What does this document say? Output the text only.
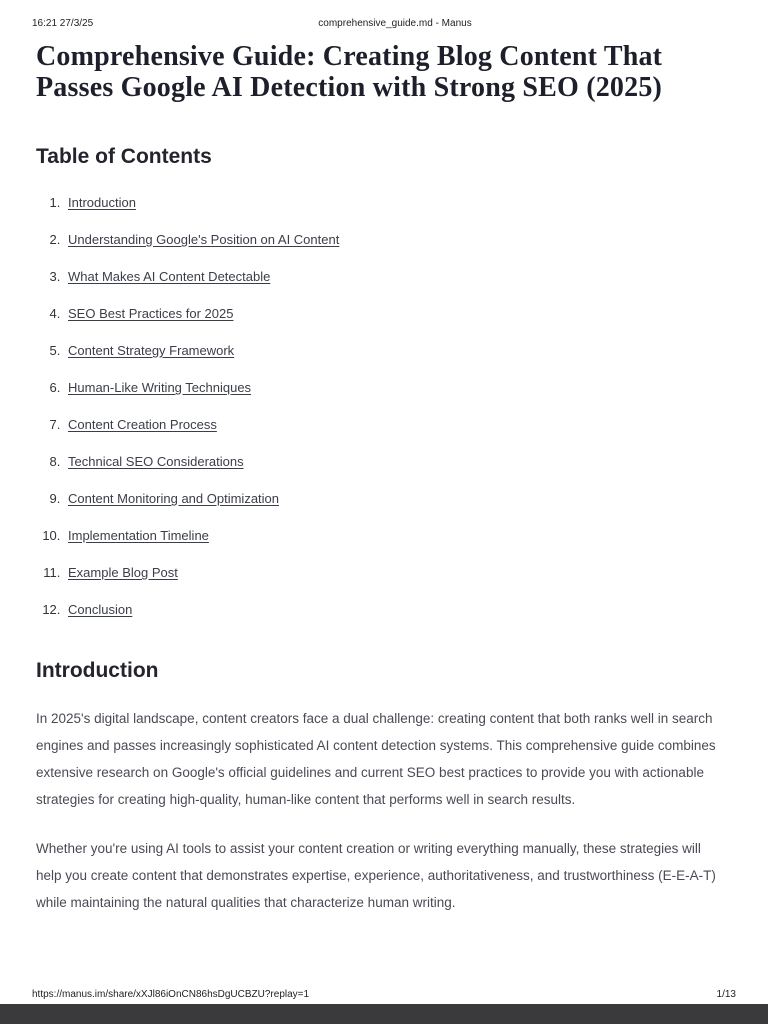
16:21 27/3/25	comprehensive_guide.md - Manus
Comprehensive Guide: Creating Blog Content That Passes Google AI Detection with Strong SEO (2025)
Table of Contents
1. Introduction
2. Understanding Google's Position on AI Content
3. What Makes AI Content Detectable
4. SEO Best Practices for 2025
5. Content Strategy Framework
6. Human-Like Writing Techniques
7. Content Creation Process
8. Technical SEO Considerations
9. Content Monitoring and Optimization
10. Implementation Timeline
11. Example Blog Post
12. Conclusion
Introduction

In 2025's digital landscape, content creators face a dual challenge: creating content that both ranks well in search engines and passes increasingly sophisticated AI content detection systems. This comprehensive guide combines extensive research on Google's official guidelines and current SEO best practices to provide you with actionable strategies for creating high-quality, human-like content that performs well in search results.

Whether you're using AI tools to assist your content creation or writing everything manually, these strategies will help you create content that demonstrates expertise, experience, authoritativeness, and trustworthiness (E-E-A-T) while maintaining the natural qualities that characterize human writing.

https://manus.im/share/xXJl86iOnCN86hsDgUCBZU?replay=1	1/13
